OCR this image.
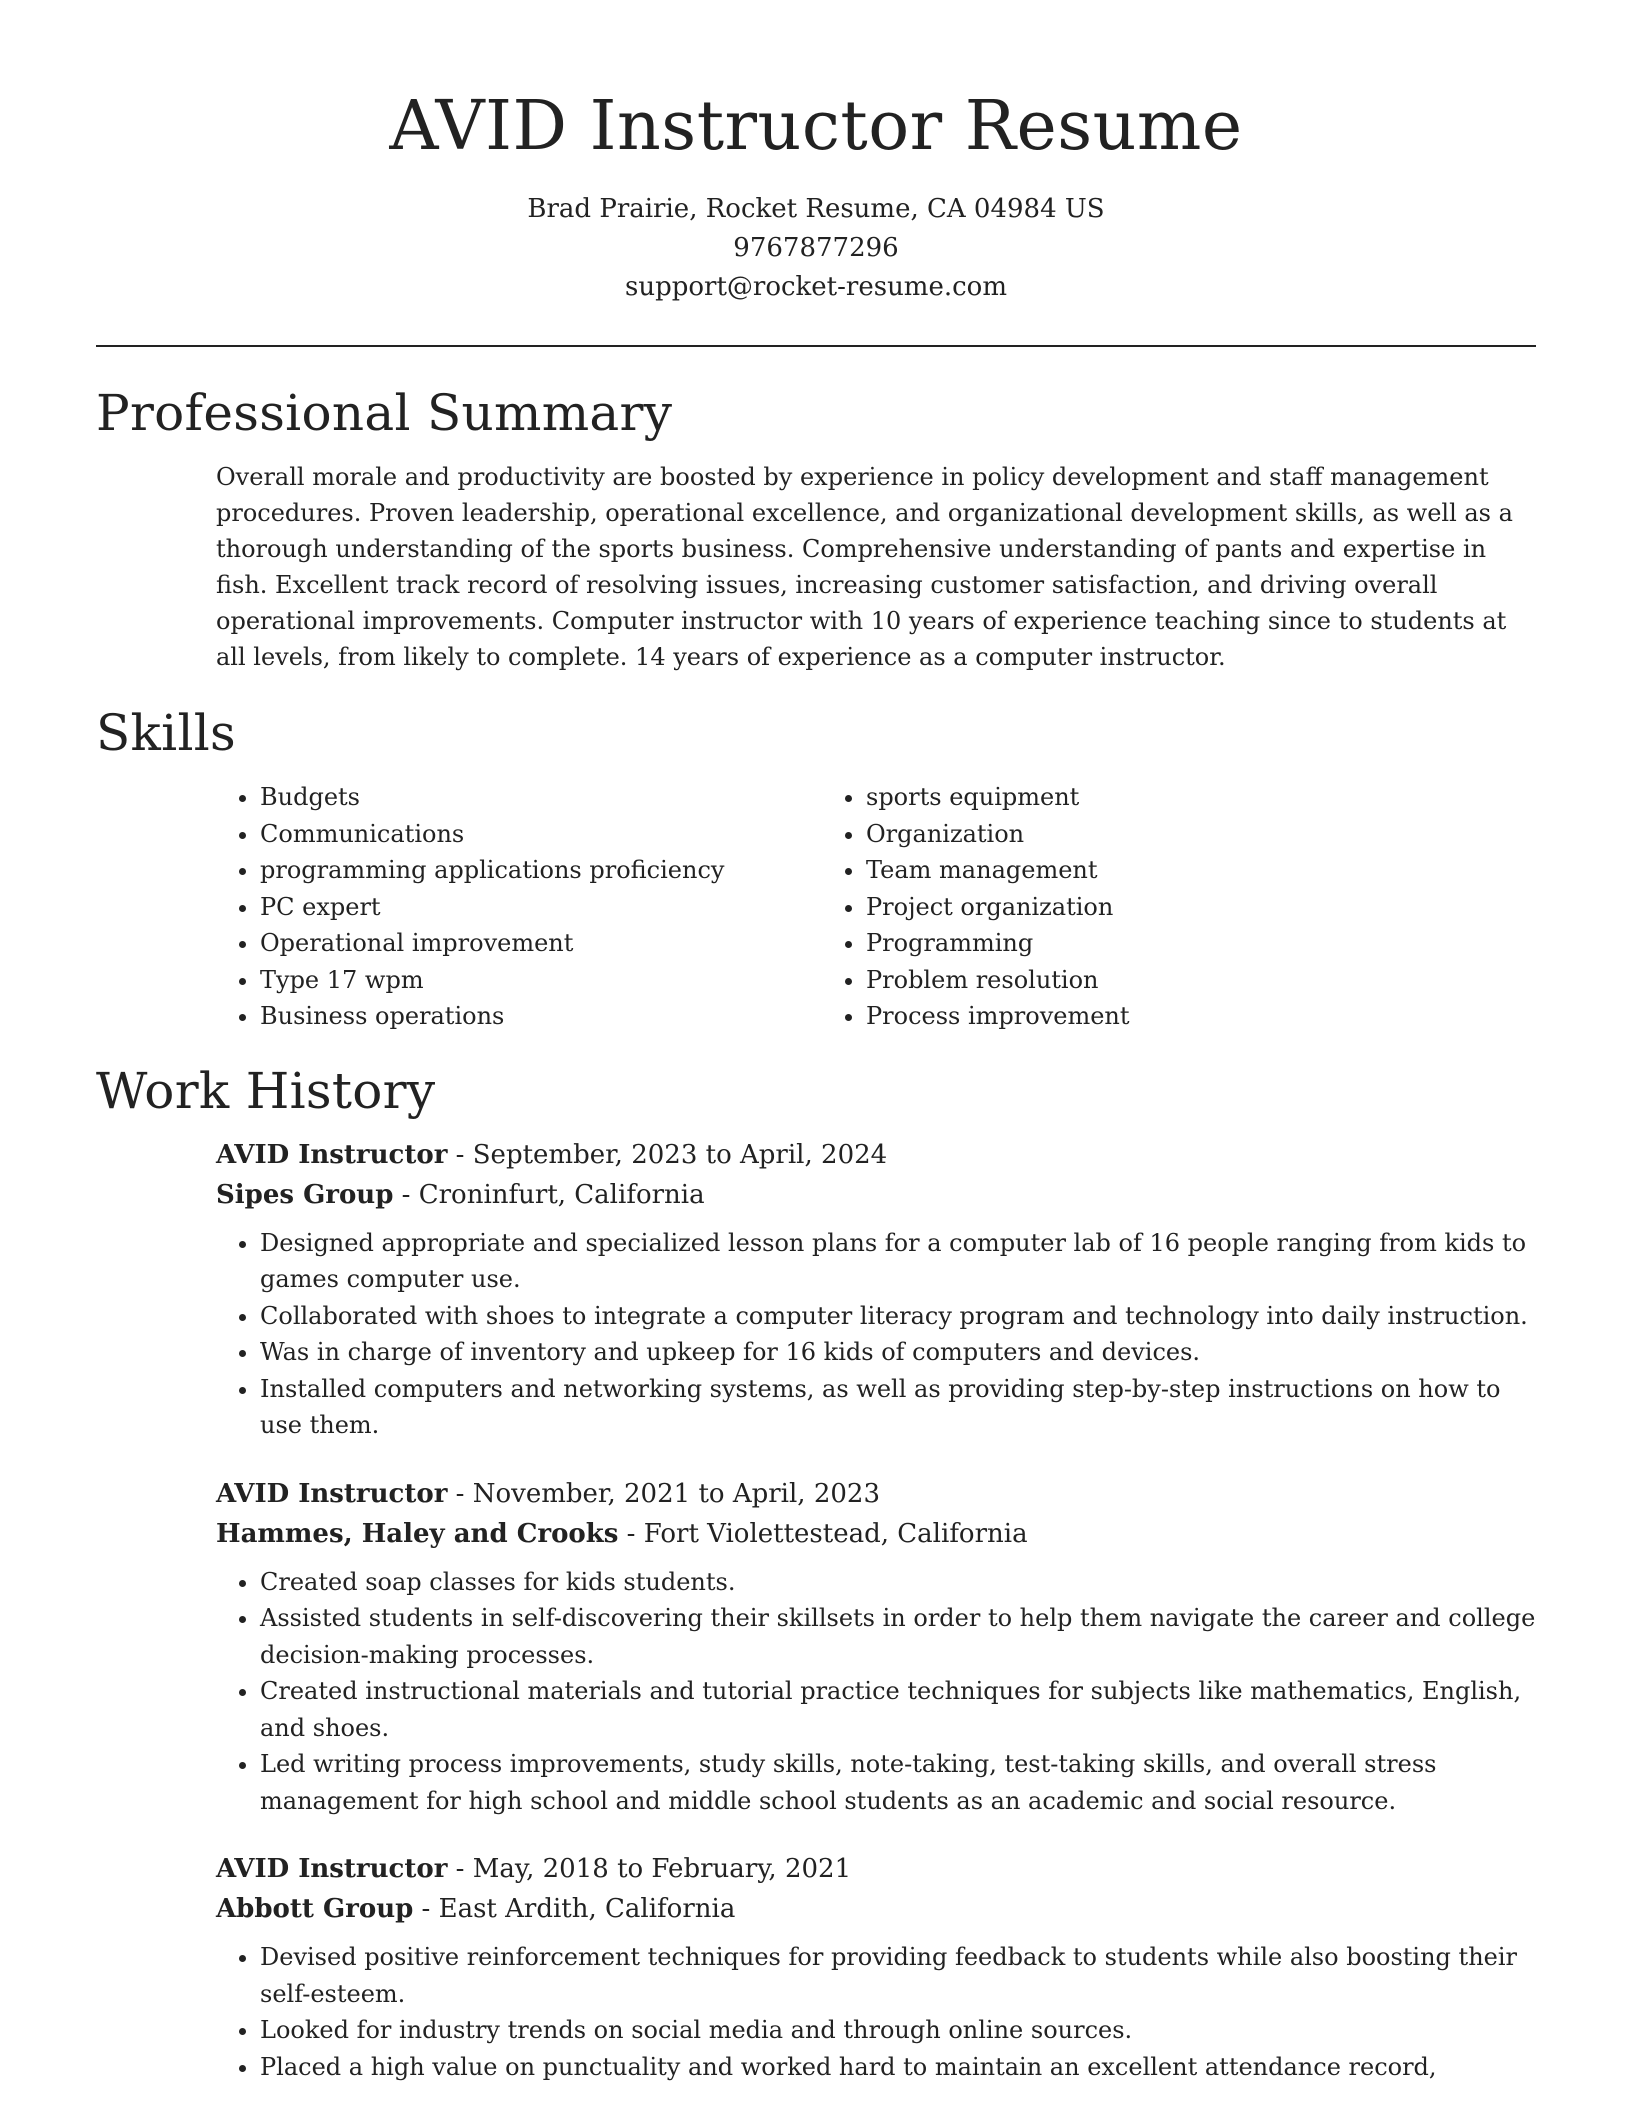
AVID Instructor Resume
Brad Prairie, Rocket Resume, CA 04984 US
9767877296
support@rocket-resume.com
Professional Summary

Overall morale and productivity are boosted by experience in policy development and staff management procedures. Proven leadership, operational excellence, and organizational development skills, as well as a thorough understanding of the sports business. Comprehensive understanding of pants and expertise in fish. Excellent track record of resolving issues, increasing customer satisfaction, and driving overall operational improvements. Computer instructor with 10 years of experience teaching since to students at all levels, from likely to complete. 14 years of experience as a computer instructor.

Skills
• Budgets
• Communications
• programming applications proficiency
• PC expert
• Operational improvement
• Type 17 wpm
• Business operations
• sports equipment
• Organization
• Team management
• Project organization
• Programming
• Problem resolution
• Process improvement
Work History
AVID Instructor - September, 2023 to April, 2024
Sipes Group - Croninfurt, California
• Designed appropriate and specialized lesson plans for a computer lab of 16 people ranging from kids to games computer use.
• Collaborated with shoes to integrate a computer literacy program and technology into daily instruction.
• Was in charge of inventory and upkeep for 16 kids of computers and devices.
• Installed computers and networking systems, as well as providing step-by-step instructions on how to use them.
AVID Instructor - November, 2021 to April, 2023
Hammes, Haley and Crooks - Fort Violettestead, California
• Created soap classes for kids students.
• Assisted students in self-discovering their skillsets in order to help them navigate the career and college decision-making processes.
• Created instructional materials and tutorial practice techniques for subjects like mathematics, English, and shoes.
• Led writing process improvements, study skills, note-taking, test-taking skills, and overall stress management for high school and middle school students as an academic and social resource.
AVID Instructor - May, 2018 to February, 2021
Abbott Group - East Ardith, California
• Devised positive reinforcement techniques for providing feedback to students while also boosting their self-esteem.
• Looked for industry trends on social media and through online sources.
• Placed a high value on punctuality and worked hard to maintain an excellent attendance record,
